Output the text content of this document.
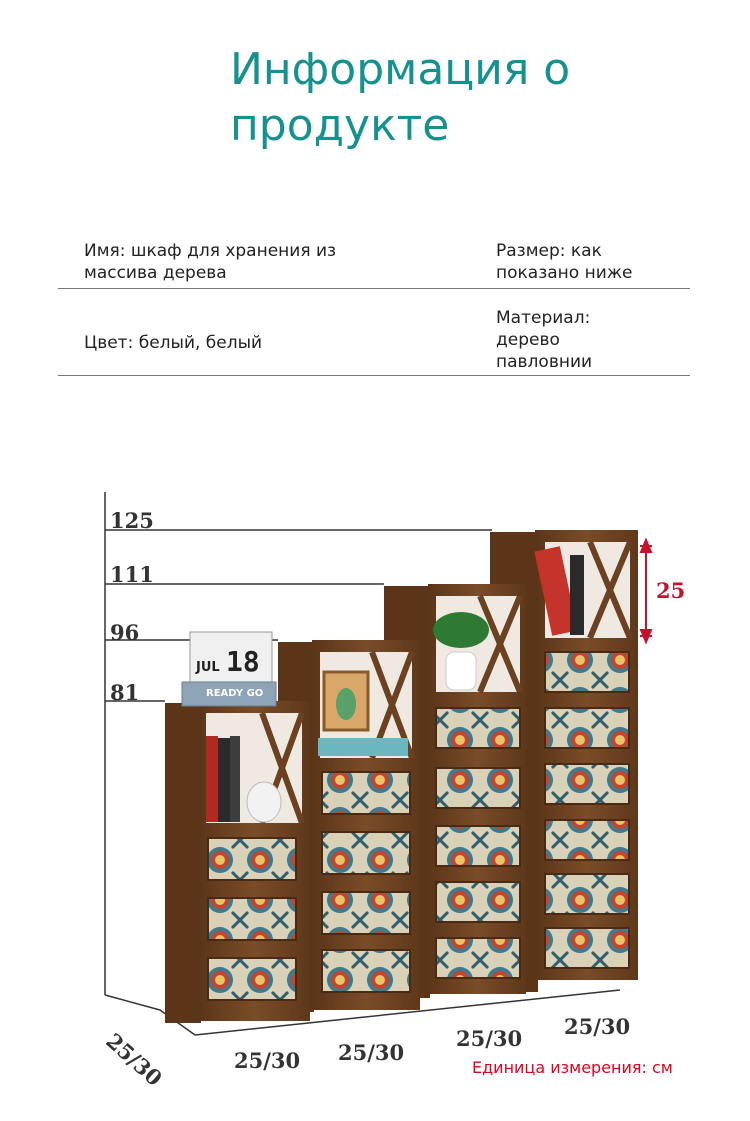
Информация о продукте
Имя: шкаф для хранения из массива дерева
Размер: как показано ниже
Цвет: белый, белый
Материал: дерево павловнии
JUL 18
READY GO
125
111
96
81
25
25/30	25/30 25/30
25/30 25/30
Единица измерения: см
